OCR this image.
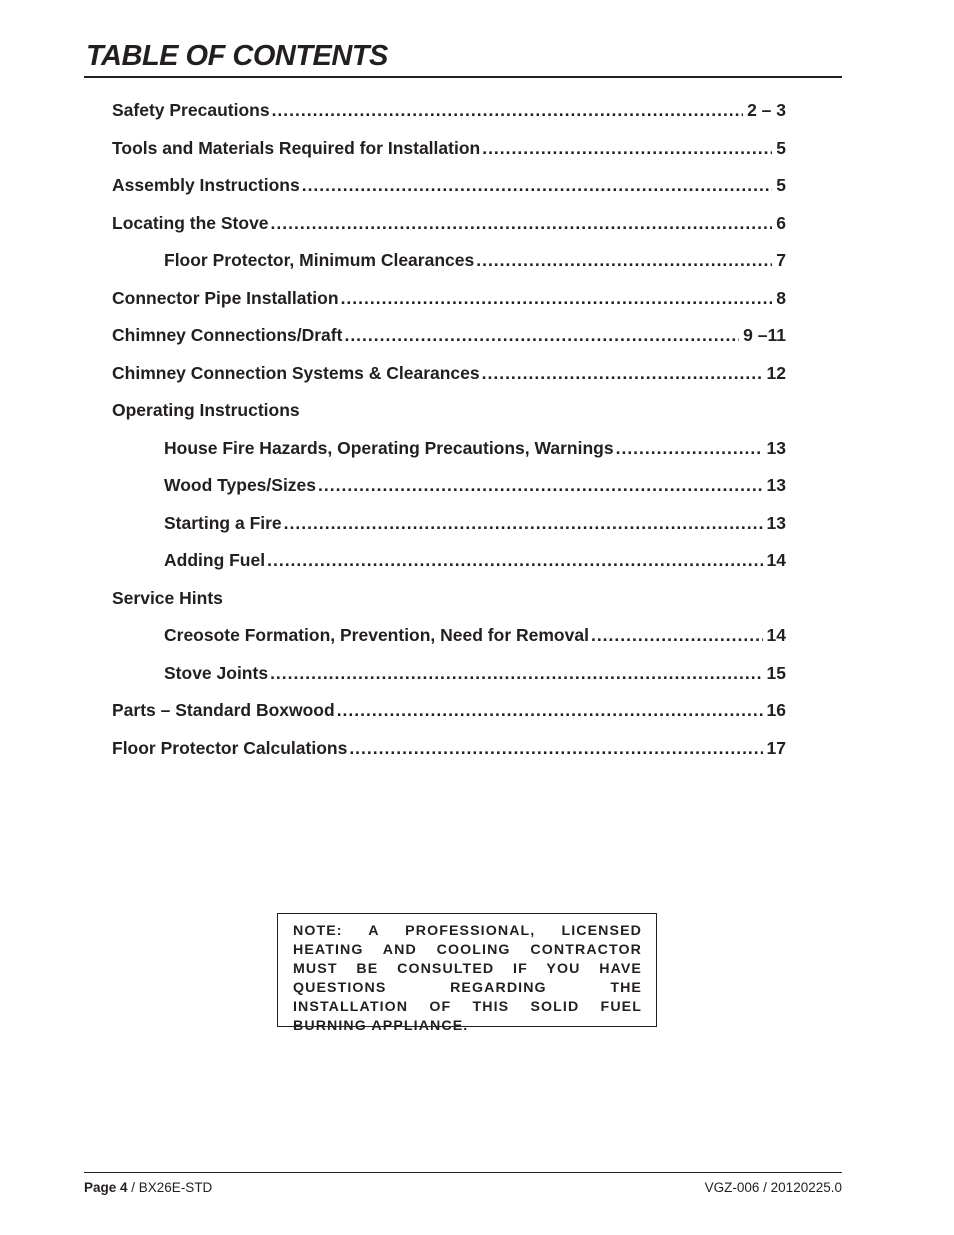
TABLE OF CONTENTS
Safety Precautions .....	2 – 3
Tools and Materials Required for Installation .....	5
Assembly Instructions .....	5
Locating the Stove .....	6
Floor Protector, Minimum Clearances .....	7
Connector Pipe Installation .....	8
Chimney Connections/Draft .....	9 –11
Chimney Connection Systems & Clearances .....	12
Operating Instructions
House Fire Hazards, Operating Precautions, Warnings .....	13
Wood Types/Sizes .....	13
Starting a Fire .....	13
Adding Fuel .....	14
Service Hints
Creosote Formation, Prevention, Need for Removal .....	14
Stove Joints .....	15
Parts – Standard Boxwood .....	16
Floor Protector Calculations .....	17
NOTE: A PROFESSIONAL, LICENSED HEATING AND COOLING CONTRACTOR MUST BE CONSULTED IF YOU HAVE QUESTIONS REGARDING THE INSTALLATION OF THIS SOLID FUEL BURNING APPLIANCE.
Page 4 / BX26E-STD	VGZ-006 / 20120225.0
